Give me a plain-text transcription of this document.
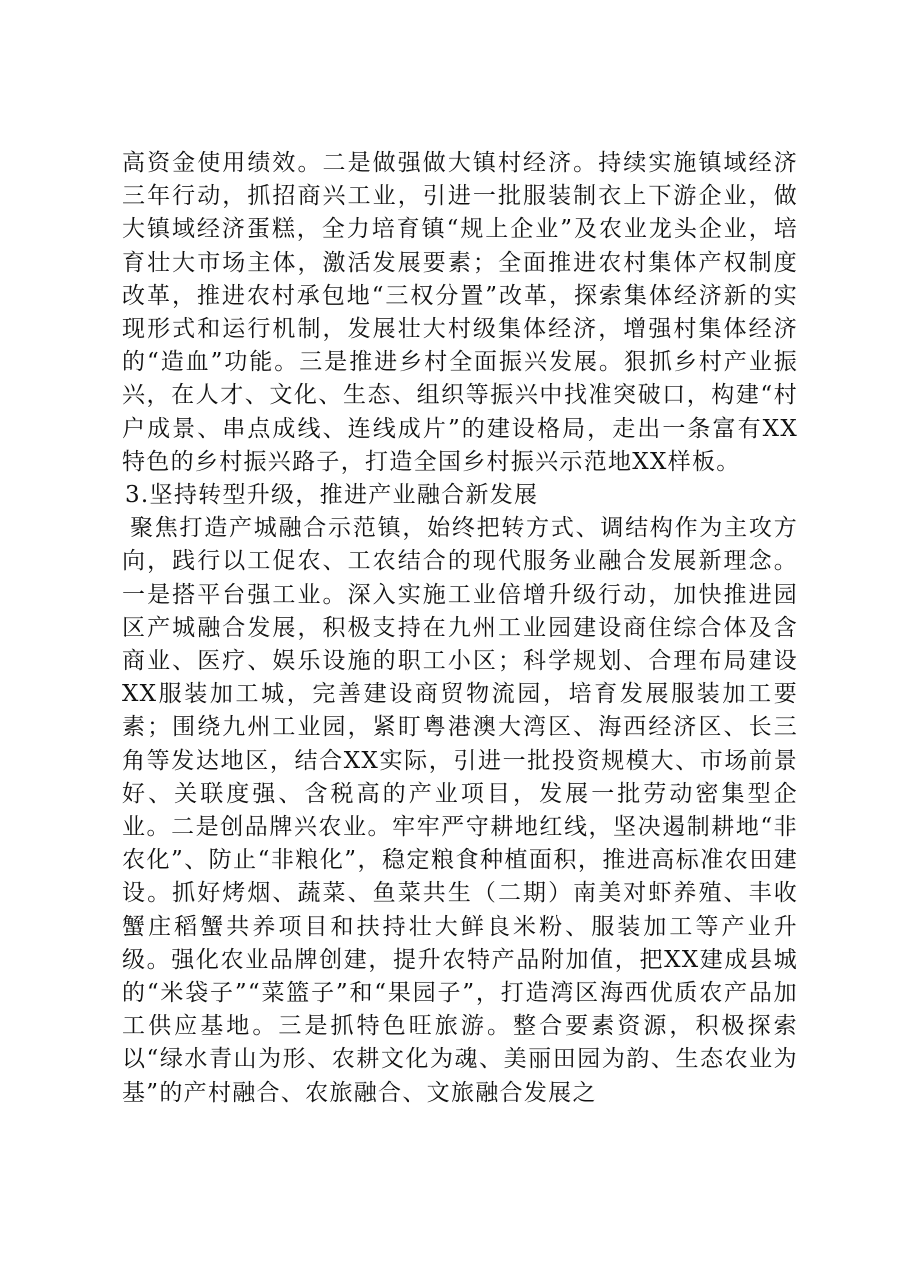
高资金使用绩效。二是做强做大镇村经济。持续实施镇域经济三年行动，抓招商兴工业，引进一批服装制衣上下游企业，做大镇域经济蛋糕，全力培育镇“规上企业”及农业龙头企业，培育壮大市场主体，激活发展要素；全面推进农村集体产权制度改革，推进农村承包地“三权分置”改革，探索集体经济新的实现形式和运行机制，发展壮大村级集体经济，增强村集体经济的“造血”功能。三是推进乡村全面振兴发展。狠抓乡村产业振兴，在人才、文化、生态、组织等振兴中找准突破口，构建“村户成景、串点成线、连线成片”的建设格局，走出一条富有XX特色的乡村振兴路子，打造全国乡村振兴示范地XX样板。

3.坚持转型升级，推进产业融合新发展

聚焦打造产城融合示范镇，始终把转方式、调结构作为主攻方向，践行以工促农、工农结合的现代服务业融合发展新理念。一是搭平台强工业。深入实施工业倍增升级行动，加快推进园区产城融合发展，积极支持在九州工业园建设商住综合体及含商业、医疗、娱乐设施的职工小区；科学规划、合理布局建设XX服装加工城，完善建设商贸物流园，培育发展服装加工要素；围绕九州工业园，紧盯粤港澳大湾区、海西经济区、长三角等发达地区，结合XX实际，引进一批投资规模大、市场前景好、关联度强、含税高的产业项目，发展一批劳动密集型企业。二是创品牌兴农业。牢牢严守耕地红线，坚决遏制耕地“非农化”、防止“非粮化”，稳定粮食种植面积，推进高标准农田建设。抓好烤烟、蔬菜、鱼菜共生（二期）南美对虾养殖、丰收蟹庄稻蟹共养项目和扶持壮大鲜良米粉、服装加工等产业升级。强化农业品牌创建，提升农特产品附加值，把XX建成县城的“米袋子”“菜篮子”和“果园子”，打造湾区海西优质农产品加工供应基地。三是抓特色旺旅游。整合要素资源，积极探索以“绿水青山为形、农耕文化为魂、美丽田园为韵、生态农业为基”的产村融合、农旅融合、文旅融合发展之
